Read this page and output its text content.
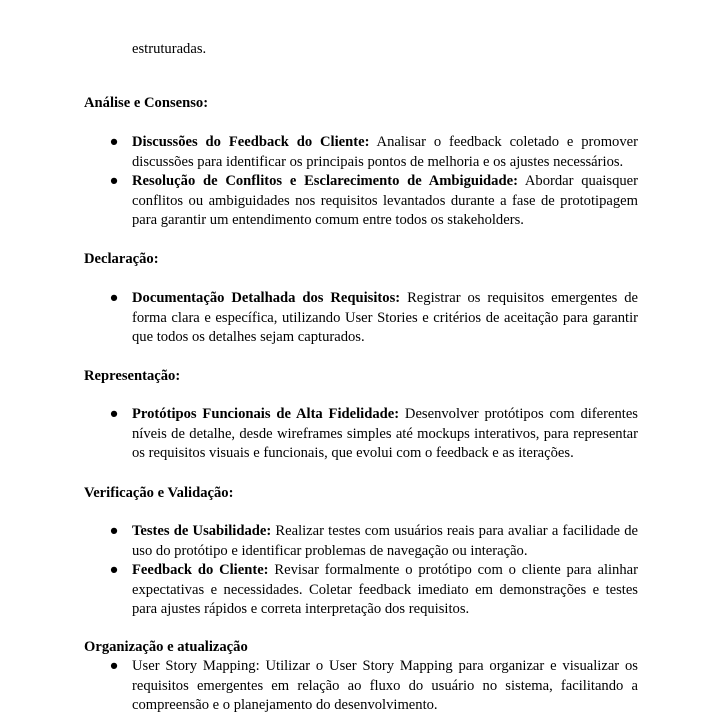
estruturadas.
Análise e Consenso:
● Discussões do Feedback do Cliente: Analisar o feedback coletado e promover discussões para identificar os principais pontos de melhoria e os ajustes necessários.
● Resolução de Conflitos e Esclarecimento de Ambiguidade: Abordar quaisquer conflitos ou ambiguidades nos requisitos levantados durante a fase de prototipagem para garantir um entendimento comum entre todos os stakeholders.
Declaração:
● Documentação Detalhada dos Requisitos: Registrar os requisitos emergentes de forma clara e específica, utilizando User Stories e critérios de aceitação para garantir que todos os detalhes sejam capturados.
Representação:
● Protótipos Funcionais de Alta Fidelidade: Desenvolver protótipos com diferentes níveis de detalhe, desde wireframes simples até mockups interativos, para representar os requisitos visuais e funcionais, que evolui com o feedback e as iterações.
Verificação e Validação:
● Testes de Usabilidade: Realizar testes com usuários reais para avaliar a facilidade de uso do protótipo e identificar problemas de navegação ou interação.
● Feedback do Cliente: Revisar formalmente o protótipo com o cliente para alinhar expectativas e necessidades. Coletar feedback imediato em demonstrações e testes para ajustes rápidos e correta interpretação dos requisitos.
Organização e atualização
● User Story Mapping: Utilizar o User Story Mapping para organizar e visualizar os requisitos emergentes em relação ao fluxo do usuário no sistema, facilitando a compreensão e o planejamento do desenvolvimento.
